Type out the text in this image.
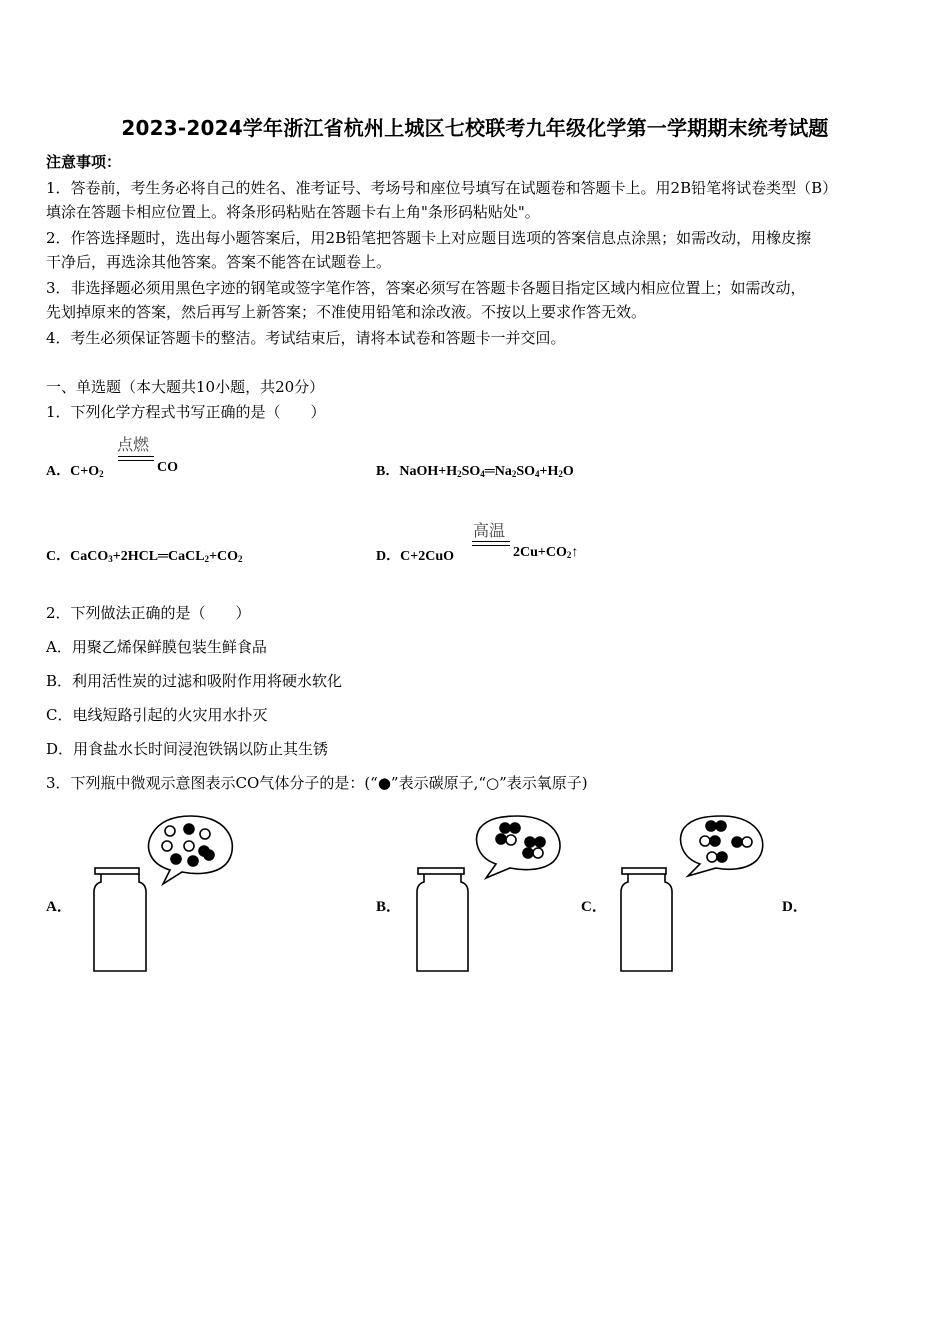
2023-2024学年浙江省杭州上城区七校联考九年级化学第一学期期末统考试题
注意事项：
1．答卷前，考生务必将自己的姓名、准考证号、考场号和座位号填写在试题卷和答题卡上。用2B铅笔将试卷类型（B）
填涂在答题卡相应位置上。将条形码粘贴在答题卡右上角"条形码粘贴处"。
2．作答选择题时，选出每小题答案后，用2B铅笔把答题卡上对应题目选项的答案信息点涂黑；如需改动，用橡皮擦
干净后，再选涂其他答案。答案不能答在试题卷上。
3．非选择题必须用黑色字迹的钢笔或签字笔作答，答案必须写在答题卡各题目指定区域内相应位置上；如需改动，
先划掉原来的答案，然后再写上新答案；不准使用铅笔和涂改液。不按以上要求作答无效。
4．考生必须保证答题卡的整洁。考试结束后，请将本试卷和答题卡一并交回。
一、单选题（本大题共10小题，共20分）
1．下列化学方程式书写正确的是（　　）
A．$C+O_2$
点燃
CO	B．$NaOH+H_2SO_4═Na_2SO_4+H_2O$
C．$CaCO_3+2HCL═CaCL_2+CO_2$	D．C+2CuO
高温
$2Cu+CO_2↑$
2．下列做法正确的是（　　）
A．用聚乙烯保鲜膜包装生鲜食品
B．利用活性炭的过滤和吸附作用将硬水软化
C．电线短路引起的火灾用水扑灭
D．用食盐水长时间浸泡铁锅以防止其生锈
3．下列瓶中微观示意图表示CO气体分子的是：(“●”表示碳原子,“○”表示氧原子)
A．	B．	C．	D．
